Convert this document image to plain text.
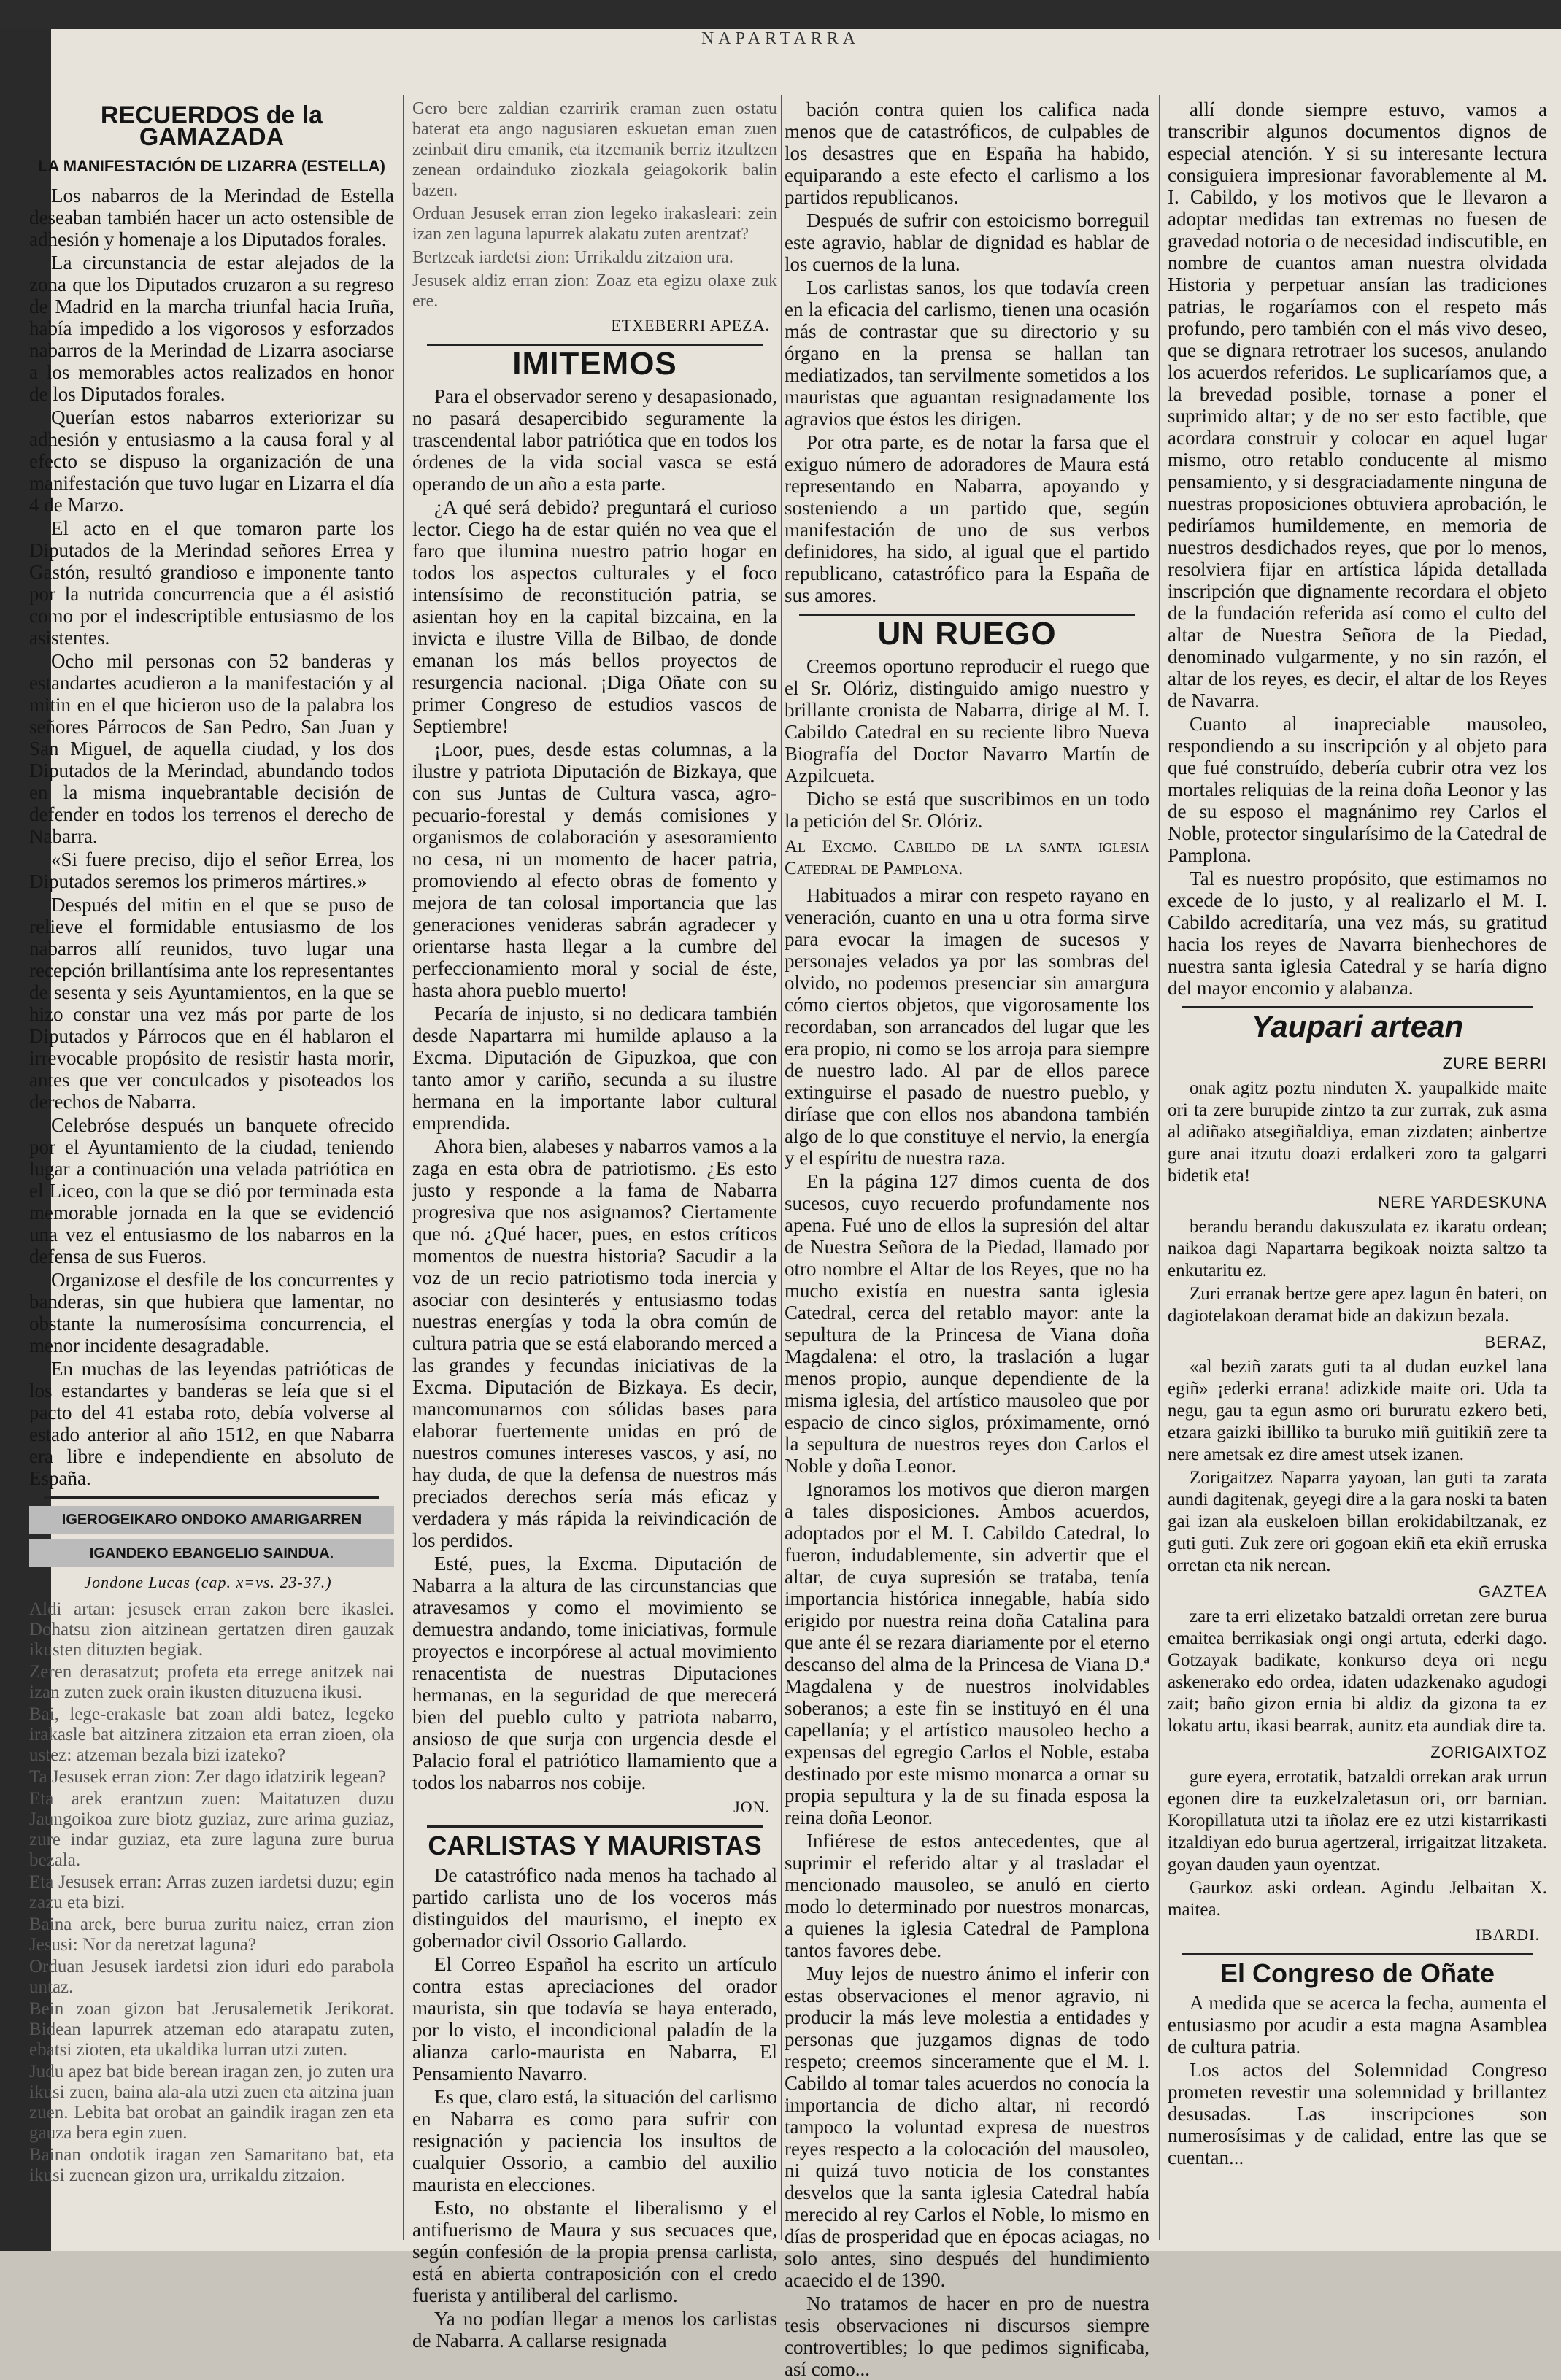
NAPARTARRA
RECUERDOS de la GAMAZADA
LA MANIFESTACIÓN DE LIZARRA (ESTELLA)

Los nabarros de la Merindad de Estella deseaban también hacer un acto ostensible de adhesión y homenaje a los Diputados forales.

La circunstancia de estar alejados de la zona que los Diputados cruzaron a su regreso de Madrid en la marcha triunfal hacia Iruña, había impedido a los vigorosos y esforzados nabarros de la Merindad de Lizarra asociarse a los memorables actos realizados en honor de los Diputados forales.

Querían estos nabarros exteriorizar su adhesión y entusiasmo a la causa foral y al efecto se dispuso la organización de una manifestación que tuvo lugar en Lizarra el día 4 de Marzo.

El acto en el que tomaron parte los Diputados de la Merindad señores Errea y Gastón, resultó grandioso e imponente tanto por la nutrida concurrencia que a él asistió como por el indescriptible entusiasmo de los asistentes.

Ocho mil personas con 52 banderas y estandartes acudieron a la manifestación y al mitin en el que hicieron uso de la palabra los señores Párrocos de San Pedro, San Juan y San Miguel, de aquella ciudad, y los dos Diputados de la Merindad, abundando todos en la misma inquebrantable decisión de defender en todos los terrenos el derecho de Nabarra.

«Si fuere preciso, dijo el señor Errea, los Diputados seremos los primeros mártires.»

Después del mitin en el que se puso de relieve el formidable entusiasmo de los nabarros allí reunidos, tuvo lugar una recepción brillantísima ante los representantes de sesenta y seis Ayuntamientos, en la que se hizo constar una vez más por parte de los Diputados y Párrocos que en él hablaron el irrevocable propósito de resistir hasta morir, antes que ver conculcados y pisoteados los derechos de Nabarra.

Celebróse después un banquete ofrecido por el Ayuntamiento de la ciudad, teniendo lugar a continuación una velada patriótica en el Liceo, con la que se dió por terminada esta memorable jornada en la que se evidenció una vez el entusiasmo de los nabarros en la defensa de sus Fueros.

Organizose el desfile de los concurrentes y banderas, sin que hubiera que lamentar, no obstante la numerosísima concurrencia, el menor incidente desagradable.

En muchas de las leyendas patrióticas de los estandartes y banderas se leía que si el pacto del 41 estaba roto, debía volverse al estado anterior al año 1512, en que Nabarra era libre e independiente en absoluto de España.

IGEROGEIKARO ONDOKO AMARIGARREN
IGANDEKO EBANGELIO SAINDUA.
Jondone Lucas (cap. x=vs. 23-37.)

Aldi artan: jesusek erran zakon bere ikaslei. Dohatsu zion aitzinean gertatzen diren gauzak ikusten dituzten begiak.

Zeren derasatzut; profeta eta errege anitzek nai izan zuten zuek orain ikusten dituzuena ikusi.

Bai, lege-erakasle bat zoan aldi batez, legeko irakasle bat aitzinera zitzaion eta erran zioen, ola ustez: atzeman bezala bizi izateko?

Ta Jesusek erran zion: Zer dago idatzirik legean?

Eta arek erantzun zuen: Maitatuzen duzu Jaungoikoa zure biotz guziaz, zure arima guziaz, zure indar guziaz, eta zure laguna zure burua bezala.

Eta Jesusek erran: Arras zuzen iardetsi duzu; egin zazu eta bizi.

Baina arek, bere burua zuritu naiez, erran zion Jesusi: Nor da neretzat laguna?

Orduan Jesusek iardetsi zion iduri edo parabola untaz.

Bein zoan gizon bat Jerusalemetik Jerikorat. Bidean lapurrek atzeman edo atarapatu zuten, ebatsi zioten, eta ukaldika lurran utzi zuten.

Judu apez bat bide berean iragan zen, jo zuten ura ikusi zuen, baina ala-ala utzi zuen eta aitzina juan zuen. Lebita bat orobat an gaindik iragan zen eta gauza bera egin zuen.

Bainan ondotik iragan zen Samaritano bat, eta ikusi zuenean gizon ura, urrikaldu zitzaion.

Gero bere zaldian ezarririk eraman zuen ostatu baterat eta ango nagusiaren eskuetan eman zuen zeinbait diru emanik, eta itzemanik berriz itzultzen zenean ordainduko ziozkala geiagokorik balin bazen.

Orduan Jesusek erran zion legeko irakasleari: zein izan zen laguna lapurrek alakatu zuten arentzat?

Bertzeak iardetsi zion: Urrikaldu zitzaion ura.

Jesusek aldiz erran zion: Zoaz eta egizu olaxe zuk ere.

ETXEBERRI APEZA.
IMITEMOS

Para el observador sereno y desapasionado, no pasará desapercibido seguramente la trascendental labor patriótica que en todos los órdenes de la vida social vasca se está operando de un año a esta parte.

¿A qué será debido? preguntará el curioso lector. Ciego ha de estar quién no vea que el faro que ilumina nuestro patrio hogar en todos los aspectos culturales y el foco intensísimo de reconstitución patria, se asientan hoy en la capital bizcaina, en la invicta e ilustre Villa de Bilbao, de donde emanan los más bellos proyectos de resurgencia nacional. ¡Diga Oñate con su primer Congreso de estudios vascos de Septiembre!

¡Loor, pues, desde estas columnas, a la ilustre y patriota Diputación de Bizkaya, que con sus Juntas de Cultura vasca, agro-pecuario-forestal y demás comisiones y organismos de colaboración y asesoramiento no cesa, ni un momento de hacer patria, promoviendo al efecto obras de fomento y mejora de tan colosal importancia que las generaciones venideras sabrán agradecer y orientarse hasta llegar a la cumbre del perfeccionamiento moral y social de éste, hasta ahora pueblo muerto!

Pecaría de injusto, si no dedicara también desde Napartarra mi humilde aplauso a la Excma. Diputación de Gipuzkoa, que con tanto amor y cariño, secunda a su ilustre hermana en la importante labor cultural emprendida.

Ahora bien, alabeses y nabarros vamos a la zaga en esta obra de patriotismo. ¿Es esto justo y responde a la fama de Nabarra progresiva que nos asignamos? Ciertamente que nó. ¿Qué hacer, pues, en estos críticos momentos de nuestra historia? Sacudir a la voz de un recio patriotismo toda inercia y asociar con desinterés y entusiasmo todas nuestras energías y toda la obra común de cultura patria que se está elaborando merced a las grandes y fecundas iniciativas de la Excma. Diputación de Bizkaya. Es decir, mancomunarnos con sólidas bases para elaborar fuertemente unidas en pró de nuestros comunes intereses vascos, y así, no hay duda, de que la defensa de nuestros más preciados derechos sería más eficaz y verdadera y más rápida la reivindicación de los perdidos.

Esté, pues, la Excma. Diputación de Nabarra a la altura de las circunstancias que atravesamos y como el movimiento se demuestra andando, tome iniciativas, formule proyectos e incorpórese al actual movimiento renacentista de nuestras Diputaciones hermanas, en la seguridad de que merecerá bien del pueblo culto y patriota nabarro, ansioso de que surja con urgencia desde el Palacio foral el patriótico llamamiento que a todos los nabarros nos cobije.

JON.
CARLISTAS Y MAURISTAS

De catastrófico nada menos ha tachado al partido carlista uno de los voceros más distinguidos del maurismo, el inepto ex gobernador civil Ossorio Gallardo.

El Correo Español ha escrito un artículo contra estas apreciaciones del orador maurista, sin que todavía se haya enterado, por lo visto, el incondicional paladín de la alianza carlo-maurista en Nabarra, El Pensamiento Navarro.

Es que, claro está, la situación del carlismo en Nabarra es como para sufrir con resignación y paciencia los insultos de cualquier Ossorio, a cambio del auxilio maurista en elecciones.

Esto, no obstante el liberalismo y el antifuerismo de Maura y sus secuaces que, según confesión de la propia prensa carlista, está en abierta contraposición con el credo fuerista y antiliberal del carlismo.

Ya no podían llegar a menos los carlistas de Nabarra. A callarse resignada

bación contra quien los califica nada menos que de catastróficos, de culpables de los desastres que en España ha habido, equiparando a este efecto el carlismo a los partidos republicanos.

Después de sufrir con estoicismo borreguil este agravio, hablar de dignidad es hablar de los cuernos de la luna.

Los carlistas sanos, los que todavía creen en la eficacia del carlismo, tienen una ocasión más de contrastar que su directorio y su órgano en la prensa se hallan tan mediatizados, tan servilmente sometidos a los mauristas que aguantan resignadamente los agravios que éstos les dirigen.

Por otra parte, es de notar la farsa que el exiguo número de adoradores de Maura está representando en Nabarra, apoyando y sosteniendo a un partido que, según manifestación de uno de sus verbos definidores, ha sido, al igual que el partido republicano, catastrófico para la España de sus amores.

UN RUEGO

Creemos oportuno reproducir el ruego que el Sr. Olóriz, distinguido amigo nuestro y brillante cronista de Nabarra, dirige al M. I. Cabildo Catedral en su reciente libro Nueva Biografía del Doctor Navarro Martín de Azpilcueta.

Dicho se está que suscribimos en un todo la petición del Sr. Olóriz.

Al Excmo. Cabildo de la santa iglesia Catedral de Pamplona.

Habituados a mirar con respeto rayano en veneración, cuanto en una u otra forma sirve para evocar la imagen de sucesos y personajes velados ya por las sombras del olvido, no podemos presenciar sin amargura cómo ciertos objetos, que vigorosamente los recordaban, son arrancados del lugar que les era propio, ni como se los arroja para siempre de nuestro lado. Al par de ellos parece extinguirse el pasado de nuestro pueblo, y diríase que con ellos nos abandona también algo de lo que constituye el nervio, la energía y el espíritu de nuestra raza.

En la página 127 dimos cuenta de dos sucesos, cuyo recuerdo profundamente nos apena. Fué uno de ellos la supresión del altar de Nuestra Señora de la Piedad, llamado por otro nombre el Altar de los Reyes, que no ha mucho existía en nuestra santa iglesia Catedral, cerca del retablo mayor: ante la sepultura de la Princesa de Viana doña Magdalena: el otro, la traslación a lugar menos propio, aunque dependiente de la misma iglesia, del artístico mausoleo que por espacio de cinco siglos, próximamente, ornó la sepultura de nuestros reyes don Carlos el Noble y doña Leonor.

Ignoramos los motivos que dieron margen a tales disposiciones. Ambos acuerdos, adoptados por el M. I. Cabildo Catedral, lo fueron, indudablemente, sin advertir que el altar, de cuya supresión se trataba, tenía importancia histórica innegable, había sido erigido por nuestra reina doña Catalina para que ante él se rezara diariamente por el eterno descanso del alma de la Princesa de Viana D.ª Magdalena y de nuestros inolvidables soberanos; a este fin se instituyó en él una capellanía; y el artístico mausoleo hecho a expensas del egregio Carlos el Noble, estaba destinado por este mismo monarca a ornar su propia sepultura y la de su finada esposa la reina doña Leonor.

Infiérese de estos antecedentes, que al suprimir el referido altar y al trasladar el mencionado mausoleo, se anuló en cierto modo lo determinado por nuestros monarcas, a quienes la iglesia Catedral de Pamplona tantos favores debe.

Muy lejos de nuestro ánimo el inferir con estas observaciones el menor agravio, ni producir la más leve molestia a entidades y personas que juzgamos dignas de todo respeto; creemos sinceramente que el M. I. Cabildo al tomar tales acuerdos no conocía la importancia de dicho altar, ni recordó tampoco la voluntad expresa de nuestros reyes respecto a la colocación del mausoleo, ni quizá tuvo noticia de los constantes desvelos que la santa iglesia Catedral había merecido al rey Carlos el Noble, lo mismo en días de prosperidad que en épocas aciagas, no solo antes, sino después del hundimiento acaecido el de 1390.

No tratamos de hacer en pro de nuestra tesis observaciones ni discursos siempre controvertibles; lo que pedimos significaba, así como...

allí donde siempre estuvo, vamos a transcribir algunos documentos dignos de especial atención. Y si su interesante lectura consiguiera impresionar favorablemente al M. I. Cabildo, y los motivos que le llevaron a adoptar medidas tan extremas no fuesen de gravedad notoria o de necesidad indiscutible, en nombre de cuantos aman nuestra olvidada Historia y perpetuar ansían las tradiciones patrias, le rogaríamos con el respeto más profundo, pero también con el más vivo deseo, que se dignara retrotraer los sucesos, anulando los acuerdos referidos. Le suplicaríamos que, a la brevedad posible, tornase a poner el suprimido altar; y de no ser esto factible, que acordara construir y colocar en aquel lugar mismo, otro retablo conducente al mismo pensamiento, y si desgraciadamente ninguna de nuestras proposiciones obtuviera aprobación, le pediríamos humildemente, en memoria de nuestros desdichados reyes, que por lo menos, resolviera fijar en artística lápida detallada inscripción que dignamente recordara el objeto de la fundación referida así como el culto del altar de Nuestra Señora de la Piedad, denominado vulgarmente, y no sin razón, el altar de los reyes, es decir, el altar de los Reyes de Navarra.

Cuanto al inapreciable mausoleo, respondiendo a su inscripción y al objeto para que fué construído, debería cubrir otra vez los mortales reliquias de la reina doña Leonor y las de su esposo el magnánimo rey Carlos el Noble, protector singularísimo de la Catedral de Pamplona.

Tal es nuestro propósito, que estimamos no excede de lo justo, y al realizarlo el M. I. Cabildo acreditaría, una vez más, su gratitud hacia los reyes de Navarra bienhechores de nuestra santa iglesia Catedral y se haría digno del mayor encomio y alabanza.

Yaupari artean
ZURE BERRI

onak agitz poztu ninduten X. yaupalkide maite ori ta zere burupide zintzo ta zur zurrak, zuk asma al adiñako atsegiñaldiya, eman zizdaten; ainbertze gure anai itzutu doazi erdalkeri zoro ta galgarri bidetik eta!

NERE YARDESKUNA

berandu berandu dakuszulata ez ikaratu ordean; naikoa dagi Napartarra begikoak noizta saltzo ta enkutaritu ez.

Zuri erranak bertze gere apez lagun ên bateri, on dagiotelakoan deramat bide an dakizun bezala.

BERAZ,

«al beziñ zarats guti ta al dudan euzkel lana egiñ» ¡ederki errana! adizkide maite ori. Uda ta negu, gau ta egun asmo ori bururatu ezkero beti, etzara gaizki ibilliko ta buruko miñ guitikiñ zere ta nere ametsak ez dire amest utsek izanen.

Zorigaitzez Naparra yayoan, lan guti ta zarata aundi dagitenak, geyegi dire a la gara noski ta baten gai izan ala euskeloen billan erokidabiltzanak, ez guti guti. Zuk zere ori gogoan ekiñ eta ekiñ erruska orretan eta nik nerean.

GAZTEA

zare ta erri elizetako batzaldi orretan zere burua emaitea berrikasiak ongi ongi artuta, ederki dago. Gotzayak badikate, konkurso deya ori negu askenerako edo ordea, idaten udazkenako agudogi zait; baño gizon ernia bi aldiz da gizona ta ez lokatu artu, ikasi bearrak, aunitz eta aundiak dire ta.

ZORIGAIXTOZ

gure eyera, errotatik, batzaldi orrekan arak urrun egonen dire ta euzkelzaletasun ori, orr barnian. Koropillatuta utzi ta iñolaz ere ez utzi kistarrikasti itzaldiyan edo burua agertzeral, irrigaitzat litzaketa. goyan dauden yaun oyentzat.

Gaurkoz aski ordean. Agindu Jelbaitan X. maitea.

IBARDI.
El Congreso de Oñate

A medida que se acerca la fecha, aumenta el entusiasmo por acudir a esta magna Asamblea de cultura patria.

Los actos del Solemnidad Congreso prometen revestir una solemnidad y brillantez desusadas. Las inscripciones son numerosísimas y de calidad, entre las que se cuentan...
